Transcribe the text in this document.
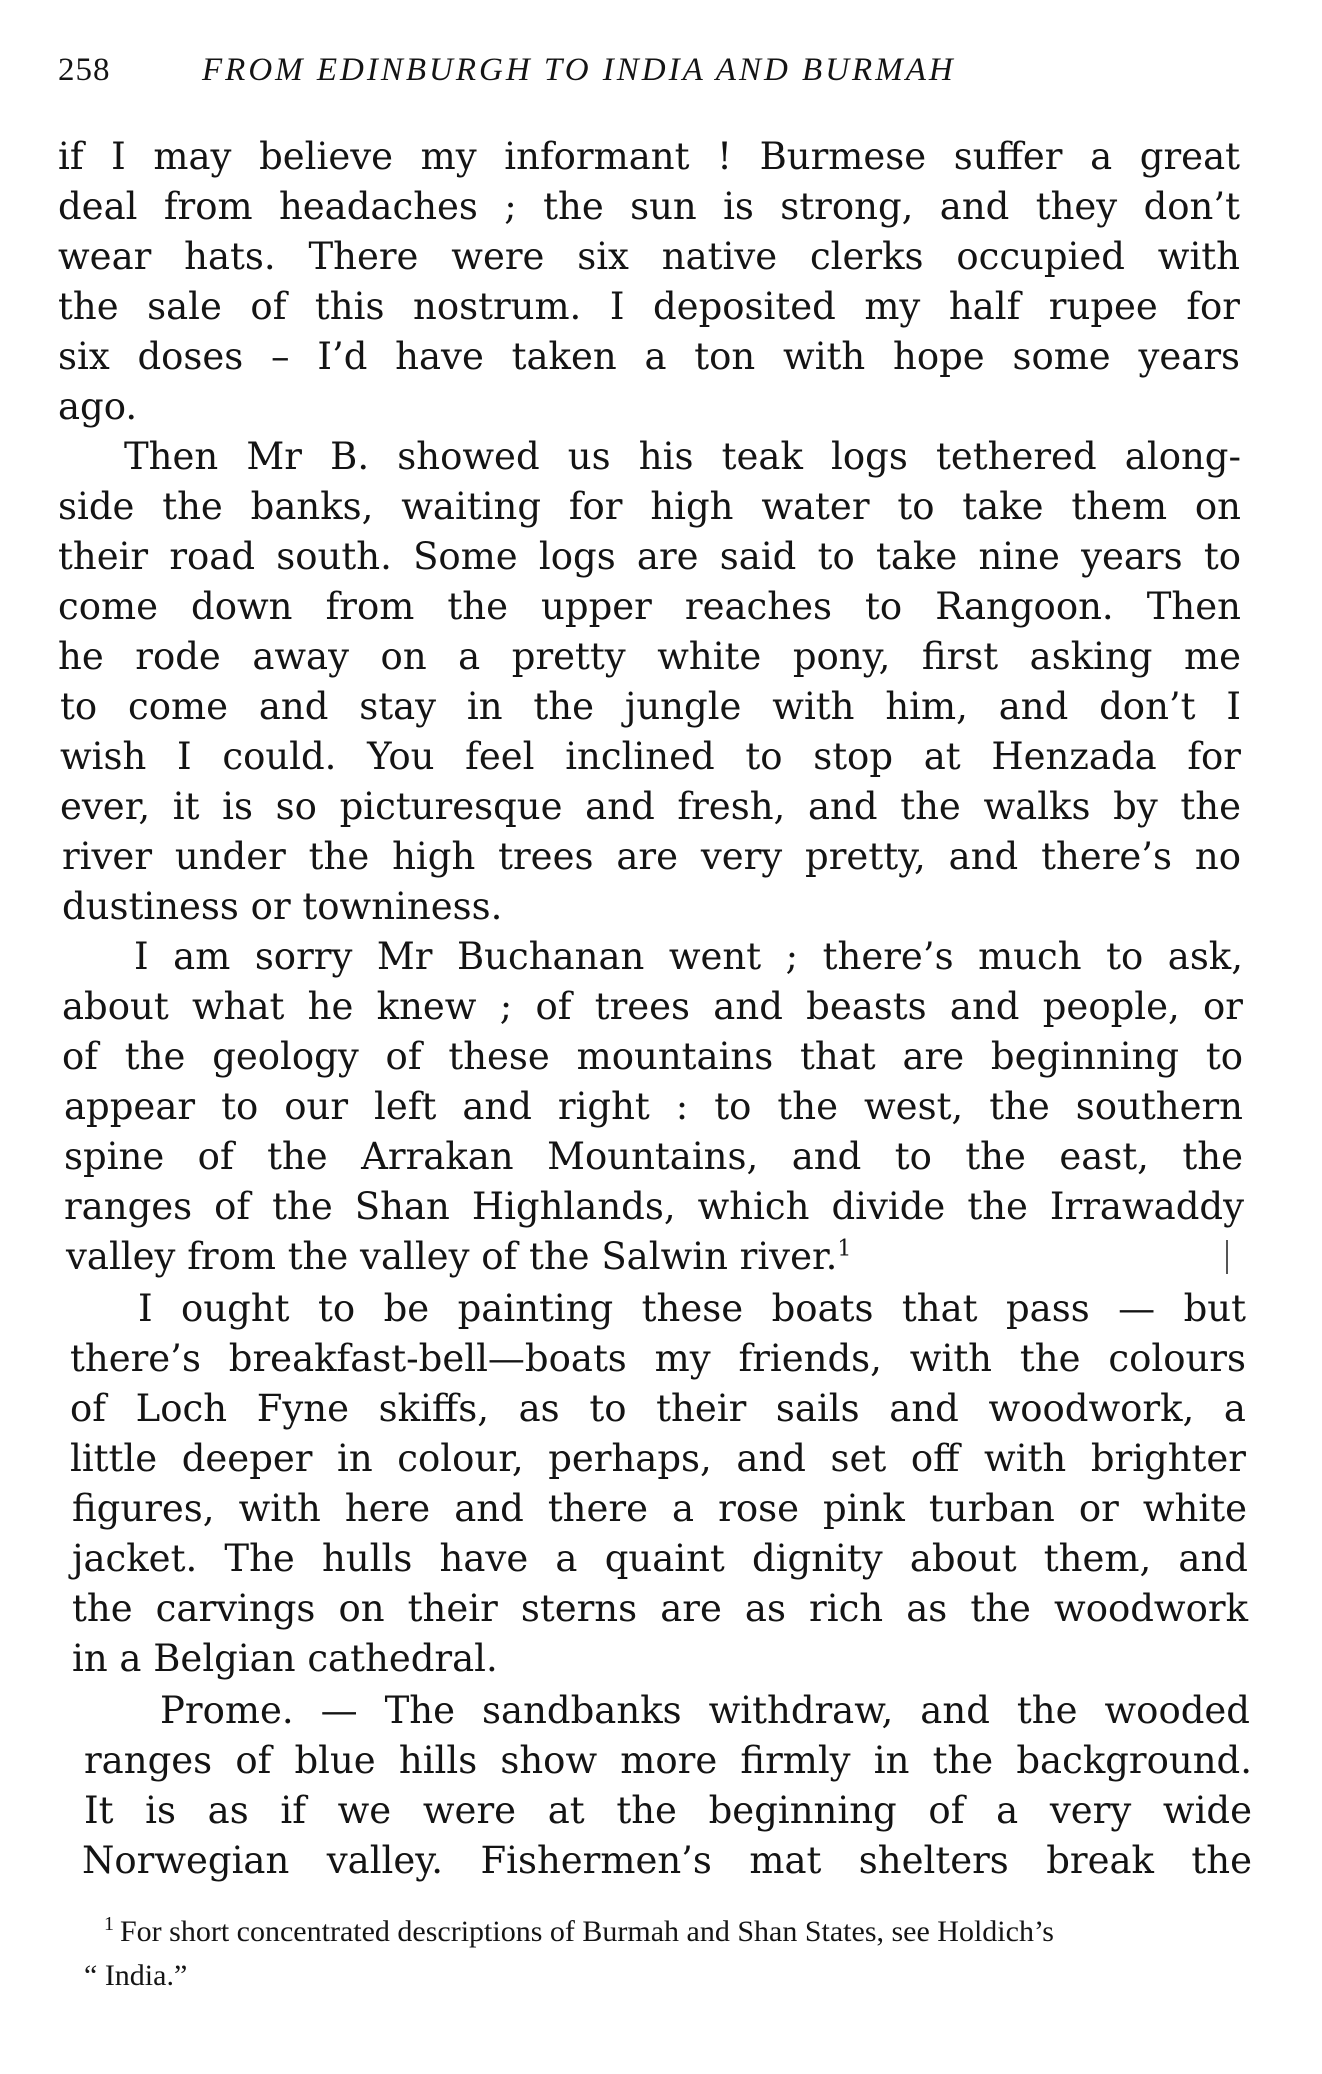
258	FROM EDINBURGH TO INDIA AND BURMAH
if I may believe my informant ! Burmese suffer a great
deal from headaches ; the sun is strong, and they don’t
wear hats. There were six native clerks occupied with
the sale of this nostrum. I deposited my half rupee for
six doses – I’d have taken a ton with hope some years
ago.
Then Mr B. showed us his teak logs tethered along-
side the banks, waiting for high water to take them on
their road south. Some logs are said to take nine years to
come down from the upper reaches to Rangoon. Then
he rode away on a pretty white pony, first asking me
to come and stay in the jungle with him, and don’t I
wish I could. You feel inclined to stop at Henzada for
ever, it is so picturesque and fresh, and the walks by the
river under the high trees are very pretty, and there’s no
dustiness or towniness.
I am sorry Mr Buchanan went ; there’s much to ask,
about what he knew ; of trees and beasts and people, or
of the geology of these mountains that are beginning to
appear to our left and right : to the west, the southern
spine of the Arrakan Mountains, and to the east, the
ranges of the Shan Highlands, which divide the Irrawaddy
valley from the valley of the Salwin river.$^1$
I ought to be painting these boats that pass — but
there’s breakfast-bell—boats my friends, with the colours
of Loch Fyne skiffs, as to their sails and woodwork, a
little deeper in colour, perhaps, and set off with brighter
figures, with here and there a rose pink turban or white
jacket. The hulls have a quaint dignity about them, and
the carvings on their sterns are as rich as the woodwork
in a Belgian cathedral.
Prome. — The sandbanks withdraw, and the wooded
ranges of blue hills show more firmly in the background.
It is as if we were at the beginning of a very wide
Norwegian valley. Fishermen’s mat shelters break the
$^1$ For short concentrated descriptions of Burmah and Shan States, see Holdich’s
“ India.”
